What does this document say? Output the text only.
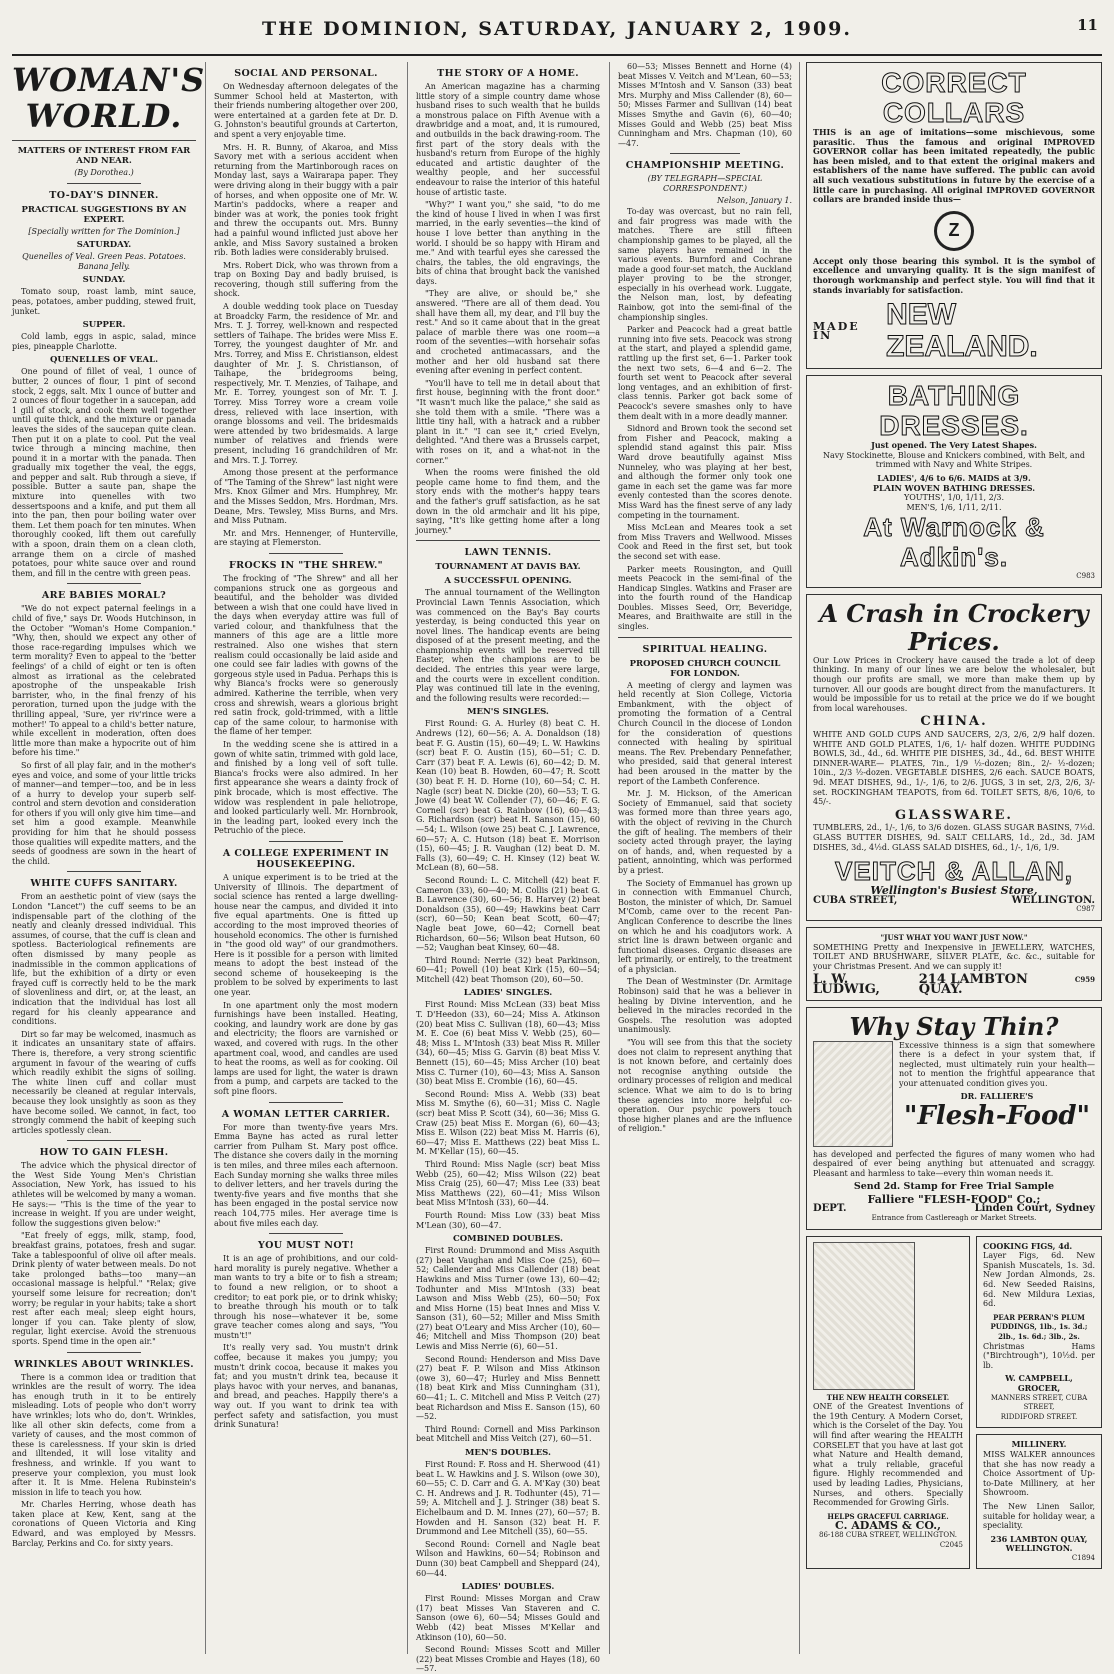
THE DOMINION, SATURDAY, JANUARY 2, 1909.	11
WOMAN'S WORLD.
MATTERS OF INTEREST FROM FAR AND NEAR.
(By Dorothea.)
TO-DAY'S DINNER.
PRACTICAL SUGGESTIONS BY AN EXPERT.
[Specially written for The Dominion.]
SATURDAY.
Quenelles of Veal. Green Peas. Potatoes. Banana Jelly.
SUNDAY.

Tomato soup, roast lamb, mint sauce, peas, potatoes, amber pudding, stewed fruit, junket.

SUPPER.

Cold lamb, eggs in aspic, salad, mince pies, pineapple Charlotte.

QUENELLES OF VEAL.

One pound of fillet of veal, 1 ounce of butter, 2 ounces of flour, 1 pint of second stock, 2 eggs, salt. Mix 1 ounce of butter and 2 ounces of flour together in a saucepan, add 1 gill of stock, and cook them well together until quite thick, and the mixture or panada leaves the sides of the saucepan quite clean. Then put it on a plate to cool. Put the veal twice through a mincing machine, then pound it in a mortar with the panada. Then gradually mix together the veal, the eggs, and pepper and salt. Rub through a sieve, if possible. Butter a saute pan, shape the mixture into quenelles with two dessertspoons and a knife, and put them all into the pan, then pour boiling water over them. Let them poach for ten minutes. When thoroughly cooked, lift them out carefully with a spoon, drain them on a clean cloth, arrange them on a circle of mashed potatoes, pour white sauce over and round them, and fill in the centre with green peas.

ARE BABIES MORAL?

"We do not expect paternal feelings in a child of five," says Dr. Woods Hutchinson, in the October "Woman's Home Companion." "Why, then, should we expect any other of those race-regarding impulses which we term morality? Even to appeal to the 'better feelings' of a child of eight or ten is often almost as irrational as the celebrated apostrophe of the unspeakable Irish barrister, who, in the final frenzy of his peroration, turned upon the judge with the thrilling appeal, 'Sure, yer riv'rince were a mother!' To appeal to a child's better nature, while excellent in moderation, often does little more than make a hypocrite out of him before his time."

So first of all play fair, and in the mother's eyes and voice, and some of your little tricks of manner—and temper—too, and be in less of a hurry to develop your superb self-control and stern devotion and consideration for others if you will only give him time—and set him a good example. Meanwhile providing for him that he should possess those qualities will expedite matters, and the seeds of goodness are sown in the heart of the child.

WHITE CUFFS SANITARY.

From an aesthetic point of view (says the London "Lancet") the cuff seems to be an indispensable part of the clothing of the neatly and cleanly dressed individual. This assumes, of course, that the cuff is clean and spotless. Bacteriological refinements are often dismissed by many people as inadmissible in the common applications of life, but the exhibition of a dirty or even frayed cuff is correctly held to be the mark of slovenliness and dirt, or, at the least, an indication that the individual has lost all regard for his cleanly appearance and conditions.

Dirt so far may be welcomed, inasmuch as it indicates an unsanitary state of affairs. There is, therefore, a very strong scientific argument in favour of the wearing of cuffs which readily exhibit the signs of soiling. The white linen cuff and collar must necessarily be cleaned at regular intervals, because they look unsightly as soon as they have become soiled. We cannot, in fact, too strongly commend the habit of keeping such articles spotlessly clean.

HOW TO GAIN FLESH.

The advice which the physical director of the West Side Young Men's Christian Association, New York, has issued to his athletes will be welcomed by many a woman. He says:— "This is the time of the year to increase in weight. If you are under weight, follow the suggestions given below:"

"Eat freely of eggs, milk, stamp, food, breakfast grains, potatoes, fresh and sugar. Take a tablespoonful of olive oil after meals. Drink plenty of water between meals. Do not take prolonged baths—too many—an occasional massage is helpful." "Relax; give yourself some leisure for recreation; don't worry; be regular in your habits; take a short rest after each meal; sleep eight hours, longer if you can. Take plenty of slow, regular, light exercise. Avoid the strenuous sports. Spend time in the open air."

WRINKLES ABOUT WRINKLES.

There is a common idea or tradition that wrinkles are the result of worry. The idea has enough truth in it to be entirely misleading. Lots of people who don't worry have wrinkles; lots who do, don't. Wrinkles, like all other skin defects, come from a variety of causes, and the most common of these is carelessness. If your skin is dried and illtended, it will lose vitality and freshness, and wrinkle. If you want to preserve your complexion, you must look after it. It is Mme. Helena Rubinstein's mission in life to teach you how.

Mr. Charles Herring, whose death has taken place at Kew, Kent, sang at the coronations of Queen Victoria and King Edward, and was employed by Messrs. Barclay, Perkins and Co. for sixty years.

SOCIAL AND PERSONAL.

On Wednesday afternoon delegates of the Summer School held at Masterton, with their friends numbering altogether over 200, were entertained at a garden fete at Dr. D. G. Johnston's beautiful grounds at Carterton, and spent a very enjoyable time.

Mrs. H. R. Bunny, of Akaroa, and Miss Savory met with a serious accident when returning from the Martinborough races on Monday last, says a Wairarapa paper. They were driving along in their buggy with a pair of horses, and when opposite one of Mr. W. Martin's paddocks, where a reaper and binder was at work, the ponies took fright and threw the occupants out. Mrs. Bunny had a painful wound inflicted just above her ankle, and Miss Savory sustained a broken rib. Both ladies were considerably bruised.

Mrs. Robert Dick, who was thrown from a trap on Boxing Day and badly bruised, is recovering, though still suffering from the shock.

A double wedding took place on Tuesday at Broadcky Farm, the residence of Mr. and Mrs. T. J. Torrey, well-known and respected settlers of Taihape. The brides were Miss E. Torrey, the youngest daughter of Mr. and Mrs. Torrey, and Miss E. Christianson, eldest daughter of Mr. J. S. Christianson, of Taihape, the bridegrooms being, respectively, Mr. T. Menzies, of Taihape, and Mr. E. Torrey, youngest son of Mr. T. J. Torrey. Miss Torrey wore a cream voile dress, relieved with lace insertion, with orange blossoms and veil. The bridesmaids were attended by two bridesmaids. A large number of relatives and friends were present, including 16 grandchildren of Mr. and Mrs. T. J. Torrey.

Among those present at the performance of "The Taming of the Shrew" last night were Mrs. Knox Gilmer and Mrs. Humphrey, Mr. and the Misses Seddon, Mrs. Hordman, Mrs. Deane, Mrs. Tewsley, Miss Burns, and Mrs. and Miss Putnam.

Mr. and Mrs. Hennenger, of Hunterville, are staying at Flemerston.

FROCKS IN "THE SHREW."

The frocking of "The Shrew" and all her companions struck one as gorgeous and beautiful, and the beholder was divided between a wish that one could have lived in the days when everyday attire was full of varied colour, and thankfulness that the manners of this age are a little more restrained. Also one wishes that stern realism could occasionally be laid aside and one could see fair ladies with gowns of the gorgeous style used in Padua. Perhaps this is why Bianca's frocks were so generously admired. Katherine the terrible, when very cross and shrewish, wears a glorious bright red satin frock, gold-trimmed, with a little cap of the same colour, to harmonise with the flame of her temper.

In the wedding scene she is attired in a gown of white satin, trimmed with gold lace, and finished by a long veil of soft tulle. Bianca's frocks were also admired. In her first appearance she wears a dainty frock of pink brocade, which is most effective. The widow was resplendent in pale heliotrope, and looked particularly well. Mr. Hornbrook, in the leading part, looked every inch the Petruchio of the piece.

A COLLEGE EXPERIMENT IN HOUSEKEEPING.

A unique experiment is to be tried at the University of Illinois. The department of social science has rented a large dwelling-house near the campus, and divided it into five equal apartments. One is fitted up according to the most improved theories of household economics. The other is furnished in "the good old way" of our grandmothers. Here is it possible for a person with limited means to adopt the best instead of the second scheme of housekeeping is the problem to be solved by experiments to last one year.

In one apartment only the most modern furnishings have been installed. Heating, cooking, and laundry work are done by gas and electricity; the floors are varnished or waxed, and covered with rugs. In the other apartment coal, wood, and candles are used to heat the rooms, as well as for cooking. Oil lamps are used for light, the water is drawn from a pump, and carpets are tacked to the soft pine floors.

A WOMAN LETTER CARRIER.

For more than twenty-five years Mrs. Emma Bayne has acted as rural letter carrier from Pulham St. Mary post office. The distance she covers daily in the morning is ten miles, and three miles each afternoon. Each Sunday morning she walks three miles to deliver letters, and her travels during the twenty-five years and five months that she has been engaged in the postal service now reach 104,775 miles. Her average time is about five miles each day.

YOU MUST NOT!

It is an age of prohibitions, and our cold-hard morality is purely negative. Whether a man wants to try a bite or to fish a stream; to found a new religion, or to shoot a creditor; to eat pork pie, or to drink whisky; to breathe through his mouth or to talk through his nose—whatever it be, some grave teacher comes along and says, "You mustn't!"

It's really very sad. You mustn't drink coffee, because it makes you jumpy; you mustn't drink cocoa, because it makes you fat; and you mustn't drink tea, because it plays havoc with your nerves, and bananas, and bread, and peaches. Happily there's a way out. If you want to drink tea with perfect safety and satisfaction, you must drink Sunatura!

THE STORY OF A HOME.

An American magazine has a charming little story of a simple country dame whose husband rises to such wealth that he builds a monstrous palace on Fifth Avenue with a drawbridge and a moat, and, it is rumoured, and outbuilds in the back drawing-room. The first part of the story deals with the husband's return from Europe of the highly educated and artistic daughter of the wealthy people, and her successful endeavour to raise the interior of this hateful house of artistic taste.

"Why?" I want you," she said, "to do me the kind of house I lived in when I was first married, in the early seventies—the kind of house I love better than anything in the world. I should be so happy with Hiram and me." And with tearful eyes she caressed the chairs, the tables, the old engravings, the bits of china that brought back the vanished days.

"They are alive, or should be," she answered. "There are all of them dead. You shall have them all, my dear, and I'll buy the rest." And so it came about that in the great palace of marble there was one room—a room of the seventies—with horsehair sofas and crocheted antimacassars, and the mother and her old husband sat there evening after evening in perfect content.

"You'll have to tell me in detail about that first house, beginning with the front door." "It wasn't much like the palace," she said as she told them with a smile. "There was a little tiny hall, with a hatrack and a rubber plant in it." "I can see it," cried Evelyn, delighted. "And there was a Brussels carpet, with roses on it, and a what-not in the corner."

When the rooms were finished the old people came home to find them, and the story ends with the mother's happy tears and the father's gruff satisfaction, as he sat down in the old armchair and lit his pipe, saying, "It's like getting home after a long journey."

LAWN TENNIS.
TOURNAMENT AT DAVIS BAY.
A SUCCESSFUL OPENING.

The annual tournament of the Wellington Provincial Lawn Tennis Association, which was commenced on the Bay's Bay courts yesterday, is being conducted this year on novel lines. The handicap events are being disposed of at the present meeting, and the championship events will be reserved till Easter, when the champions are to be decided. The entries this year were large, and the courts were in excellent condition. Play was continued till late in the evening, and the following results were recorded:—

MEN'S SINGLES.

First Round: G. A. Hurley (8) beat C. H. Andrews (12), 60—56; A. A. Donaldson (18) beat F. G. Austin (15), 60—49; L. W. Hawkins (scr) beat F. O. Austin (15), 60—51; C. D. Carr (37) beat F. A. Lewis (6), 60—42; D. M. Kean (10) beat B. Howden, 60—47; R. Scott (30) beat F. H. D. Horne (10), 60—54; C. H. Nagle (scr) beat N. Dickie (20), 60—53; T. G. Jowe (4) beat W. Collender (7), 60—46; F. G. Cornell (scr) beat G. Rainbow (16), 60—43; G. Richardson (scr) beat H. Sanson (15), 60—54; L. Wilson (owe 25) beat C. J. Lawrence, 60—57; A. C. Hutson (18) beat E. Morrison (15), 60—45; J. R. Vaughan (12) beat D. M. Falls (3), 60—49; C. H. Kinsey (12) beat W. McLean (8), 60—58.

Second Round: L. C. Mitchell (42) beat F. Cameron (33), 60—40; M. Collis (21) beat G. B. Lawrence (30), 60—56; B. Harvey (2) beat Donaldson (35), 60—49; Hawkins beat Carr (scr), 60—50; Kean beat Scott, 60—47; Nagle beat Jowe, 60—42; Cornell beat Richardson, 60—56; Wilson beat Hutson, 60—52; Vaughan beat Kinsey, 60—48.

Third Round: Nerrie (32) beat Parkinson, 60—41; Powell (10) beat Kirk (15), 60—54; Mitchell (42) beat Thomson (20), 60—50.

LADIES' SINGLES.

First Round: Miss McLean (33) beat Miss T. D'Heedon (33), 60—24; Miss A. Atkinson (20) beat Miss C. Sullivan (18), 60—43; Miss M. E. Coe (6) beat Miss V. Webb (25), 60—48; Miss L. M'Intosh (33) beat Miss R. Miller (34), 60—45; Miss G. Garvin (8) beat Miss V. Bennett (15), 60—45; Miss Archer (10) beat Miss C. Turner (10), 60—43; Miss A. Sanson (30) beat Miss E. Crombie (16), 60—45.

Second Round: Miss A. Webb (33) beat Miss M. Smythe (6), 60—31; Miss C. Nagle (scr) beat Miss P. Scott (34), 60—36; Miss G. Craw (25) beat Miss E. Morgan (6), 60—43; Miss E. Wilson (22) beat Miss M. Harris (6), 60—47; Miss E. Matthews (22) beat Miss L. M. M'Kellar (15), 60—45.

Third Round: Miss Nagle (scr) beat Miss Webb (25), 60—42; Miss Wilson (22) beat Miss Craig (25), 60—47; Miss Lee (33) beat Miss Matthews (22), 60—41; Miss Wilson beat Miss M'Intosh (33), 60—44.

Fourth Round: Miss Low (33) beat Miss M'Lean (30), 60—47.

COMBINED DOUBLES.

First Round: Drummond and Miss Asquith (27) beat Vaughan and Miss Coe (25), 60—52; Callender and Miss Callender (18) beat Hawkins and Miss Turner (owe 13), 60—42; Todhunter and Miss M'Intosh (33) beat Lawson and Miss Webb (25), 60—50; Fox and Miss Horne (15) beat Innes and Miss V. Sanson (31), 60—52; Miller and Miss Smith (27) beat O'Leary and Miss Archer (10), 60—46; Mitchell and Miss Thompson (20) beat Lewis and Miss Nerrie (6), 60—51.

Second Round: Henderson and Miss Dave (27) beat F. P. Wilson and Miss Atkinson (owe 3), 60—47; Hurley and Miss Bennett (18) beat Kirk and Miss Cunningham (31), 60—41; L. C. Mitchell and Miss P. Veitch (27) beat Richardson and Miss E. Sanson (15), 60—52.

Third Round: Cornell and Miss Parkinson beat Mitchell and Miss Veitch (27), 60—51.

MEN'S DOUBLES.

First Round: F. Ross and H. Sherwood (41) beat L. W. Hawkins and J. S. Wilson (owe 30), 60—55; C. D. Carr and G. A. M'Kay (30) beat C. H. Andrews and J. R. Todhunter (45), 71—59; A. Mitchell and J. J. Stringer (38) beat S. Eichelbaum and D. M. Innes (27), 60—57; B. Howden and H. Sanson (32) beat H. F. Drummond and Lee Mitchell (35), 60—55.

Second Round: Cornell and Nagle beat Wilson and Hawkins, 60—54; Robinson and Dunn (30) beat Campbell and Sheppard (24), 60—44.

LADIES' DOUBLES.

First Round: Misses Morgan and Craw (17) beat Misses Van Staveren and C. Sanson (owe 6), 60—54; Misses Gould and Webb (42) beat Misses M'Kellar and Atkinson (10), 60—50.

Second Round: Misses Scott and Miller (22) beat Misses Crombie and Hayes (18), 60—57.

60—53; Misses Bennett and Horne (4) beat Misses V. Veitch and M'Lean, 60—53; Misses M'Intosh and V. Sanson (33) beat Mrs. Murphy and Miss Callender (8), 60—50; Misses Farmer and Sullivan (14) beat Misses Smythe and Gavin (6), 60—40; Misses Gould and Webb (25) beat Miss Cunningham and Mrs. Chapman (10), 60—47.

CHAMPIONSHIP MEETING.
(BY TELEGRAPH—SPECIAL CORRESPONDENT.)
Nelson, January 1.

To-day was overcast, but no rain fell, and fair progress was made with the matches. There are still fifteen championship games to be played, all the same players have remained in the various events. Burnford and Cochrane made a good four-set match, the Auckland player proving to be the stronger, especially in his overhead work. Luggate, the Nelson man, lost, by defeating Rainbow, got into the semi-final of the championship singles.

Parker and Peacock had a great battle running into five sets. Peacock was strong at the start, and played a splendid game, rattling up the first set, 6—1. Parker took the next two sets, 6—4 and 6—2. The fourth set went to Peacock after several long ventages, and an exhibition of first-class tennis. Parker got back some of Peacock's severe smashes only to have them dealt with in a more deadly manner.

Sidnord and Brown took the second set from Fisher and Peacock, making a splendid stand against this pair. Miss Ward drove beautifully against Miss Nunneley, who was playing at her best, and although the former only took one game in each set the game was far more evenly contested than the scores denote. Miss Ward has the finest serve of any lady competing in the tournament.

Miss McLean and Meares took a set from Miss Travers and Wellwood. Misses Cook and Reed in the first set, but took the second set with ease.

Parker meets Rousington, and Quill meets Peacock in the semi-final of the Handicap Singles. Watkins and Fraser are into the fourth round of the Handicap Doubles. Misses Seed, Orr, Beveridge, Meares, and Braithwaite are still in the singles.

SPIRITUAL HEALING.
PROPOSED CHURCH COUNCIL FOR LONDON.

A meeting of clergy and laymen was held recently at Sion College, Victoria Embankment, with the object of promoting the formation of a Central Church Council in the diocese of London for the consideration of questions connected with healing by spiritual means. The Rev. Prebendary Pennefather, who presided, said that general interest had been aroused in the matter by the report of the Lambeth Conference.

Mr. J. M. Hickson, of the American Society of Emmanuel, said that society was formed more than three years ago, with the object of reviving in the Church the gift of healing. The members of their society acted through prayer, the laying on of hands, and, when requested by a patient, annointing, which was performed by a priest.

The Society of Emmanuel has grown up in connection with Emmanuel Church, Boston, the minister of which, Dr. Samuel M'Comb, came over to the recent Pan-Anglican Conference to describe the lines on which he and his coadjutors work. A strict line is drawn between organic and functional diseases. Organic diseases are left primarily, or entirely, to the treatment of a physician.

The Dean of Westminster (Dr. Armitage Robinson) said that he was a believer in healing by Divine intervention, and he believed in the miracles recorded in the Gospels. The resolution was adopted unanimously.

"You will see from this that the society does not claim to represent anything that is not known before, and certainly does not recognise anything outside the ordinary processes of religion and medical science. What we aim to do is to bring these agencies into more helpful co-operation. Our psychic powers touch those higher planes and are the influence of religion."

CORRECT COLLARS

THIS is an age of imitations—some mischievous, some parasitic. Thus the famous and original IMPROVED GOVERNOR collar has been imitated repeatedly, the public has been misled, and to that extent the original makers and establishers of the name have suffered. The public can avoid all such vexatious substitutions in future by the exercise of a little care in purchasing. All original IMPROVED GOVERNOR collars are branded inside thus—

Z

Accept only those bearing this symbol. It is the symbol of excellence and unvarying quality. It is the sign manifest of thorough workmanship and perfect style. You will find that it stands invariably for satisfaction.

MADE IN
NEW ZEALAND.
BATHING DRESSES.
Just opened. The Very Latest Shapes.

Navy Stockinette, Blouse and Knickers combined, with Belt, and trimmed with Navy and White Stripes.

LADIES', 4/6 to 6/6. MAIDS at 3/9.
PLAIN WOVEN BATHING DRESSES.
YOUTHS', 1/0, 1/11, 2/3.
MEN'S, 1/6, 1/11, 2/11.
At Warnock & Adkin's.
C983
A Crash in Crockery Prices.

Our Low Prices in Crockery have caused the trade a lot of deep thinking. In many of our lines we are below the wholesaler, but though our profits are small, we more than make them up by turnover. All our goods are bought direct from the manufacturers. It would be impossible for us to retail at the price we do if we bought from local warehouses.

CHINA.

WHITE AND GOLD CUPS AND SAUCERS, 2/3, 2/6, 2/9 half dozen. WHITE AND GOLD PLATES, 1/6, 1/- half dozen. WHITE PUDDING BOWLS, 3d., 4d., 6d. WHITE PIE DISHES, 3d., 4d., 6d. BEST WHITE DINNER-WARE— PLATES, 7in., 1/9 ½-dozen; 8in., 2/- ½-dozen; 10in., 2/3 ½-dozen. VEGETABLE DISHES, 2/6 each. SAUCE BOATS, 9d. MEAT DISHES, 9d., 1/-, 1/6, to 2/6. JUGS, 3 in set, 2/3, 2/6, 3/- set. ROCKINGHAM TEAPOTS, from 6d. TOILET SETS, 8/6, 10/6, to 45/-.

GLASSWARE.

TUMBLERS, 2d., 1/-, 1/6, to 3/6 dozen. GLASS SUGAR BASINS, 7½d. GLASS BUTTER DISHES, 9d. SALT CELLARS, 1d., 2d., 3d. JAM DISHES, 3d., 4½d. GLASS SALAD DISHES, 6d., 1/-, 1/6, 1/9.

VEITCH & ALLAN,
Wellington's Busiest Store,
CUBA STREET,	WELLINGTON.
C987
"JUST WHAT YOU WANT JUST NOW."

SOMETHING Pretty and Inexpensive in JEWELLERY, WATCHES, TOILET AND BRUSHWARE, SILVER PLATE, &c. &c., suitable for your Christmas Present. And we can supply it!

L. W. LUDWIG,
214 LAMBTON QUAY.
C959
Why Stay Thin?

Excessive thinness is a sign that somewhere there is a defect in your system that, if neglected, must ultimately ruin your health—not to mention the frightful appearance that your attenuated condition gives you.

DR. FALLIERE'S
"Flesh-Food"

has developed and perfected the figures of many women who had despaired of ever being anything but attenuated and scraggy. Pleasant and harmless to take—every thin woman needs it.

Send 2d. Stamp for Free Trial Sample
Falliere "FLESH-FOOD" Co.;
DEPT.	Linden Court, Sydney
Entrance from Castlereagh or Market Streets.
THE NEW HEALTH CORSELET.

ONE of the Greatest Inventions of the 19th Century. A Modern Corset, which is the Corselet of the Day. You will find after wearing the HEALTH CORSELET that you have at last got what Nature and Health demand, what a truly reliable, graceful figure. Highly recommended and used by leading Ladies, Physicians, Nurses, and others. Specially Recommended for Growing Girls.

HELPS GRACEFUL CARRIAGE.
C. ADAMS & CO.,
86-188 CUBA STREET, WELLINGTON.
C2045
COOKING FIGS, 4d.

Layer Figs, 6d. New Spanish Muscatels, 1s. 3d. New Jordan Almonds, 2s. 6d. New Seeded Raisins, 6d. New Mildura Lexias, 6d.

PEAR PERRAN'S PLUM PUDDINGS, 1lb., 1s. 3d.; 2lb., 1s. 6d.; 3lb., 2s.

Christmas Hams ("Birchtrough"), 10½d. per lb.

W. CAMPBELL, GROCER,
MANNERS STREET, CUBA STREET,
RIDDIFORD STREET.
MILLINERY.

MISS WALKER announces that she has now ready a Choice Assortment of Up-to-Date Millinery, at her Showroom.

The New Linen Sailor, suitable for holiday wear, a speciality.

236 LAMBTON QUAY,
WELLINGTON.
C1894
